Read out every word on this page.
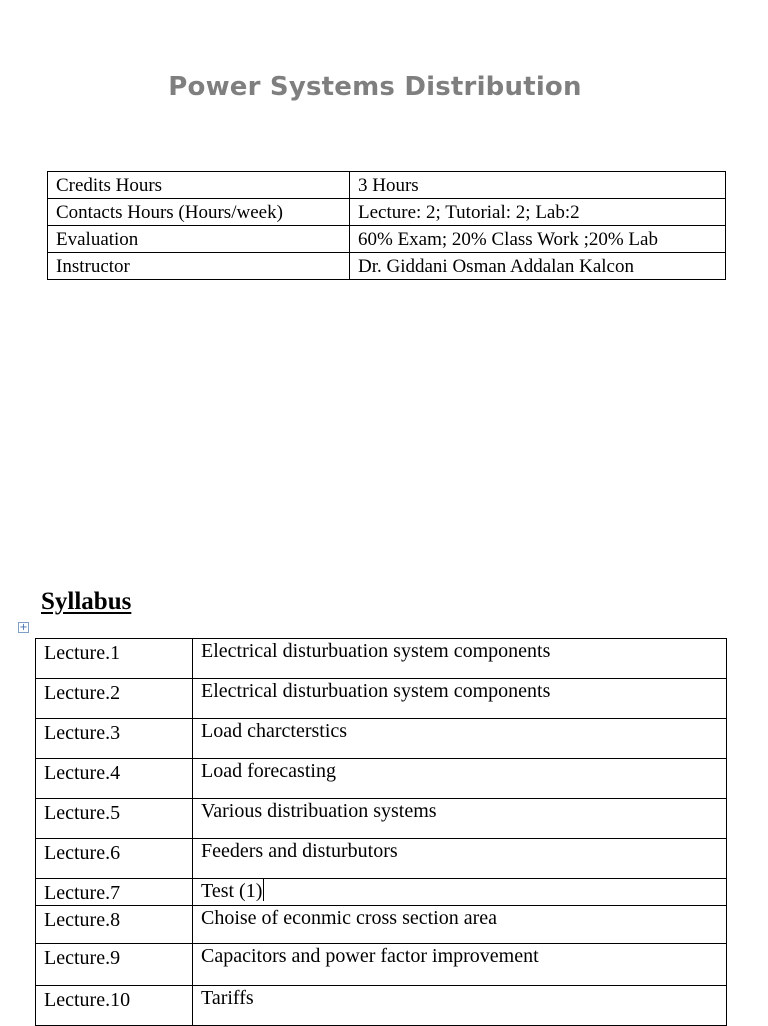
Power Systems Distribution
Credits Hours	3 Hours
Contacts Hours (Hours/week)	Lecture: 2; Tutorial: 2; Lab:2
Evaluation	60% Exam; 20% Class Work ;20% Lab
Instructor	Dr. Giddani Osman Addalan Kalcon
Syllabus
+
Lecture.1	Electrical disturbuation system components
Lecture.2	Electrical disturbuation system components
Lecture.3	Load charcterstics
Lecture.4	Load forecasting
Lecture.5	Various distribuation systems
Lecture.6	Feeders and disturbutors
Lecture.7	Test (1)
Lecture.8	Choise of econmic cross section area
Lecture.9	Capacitors and power factor improvement
Lecture.10	Tariffs
